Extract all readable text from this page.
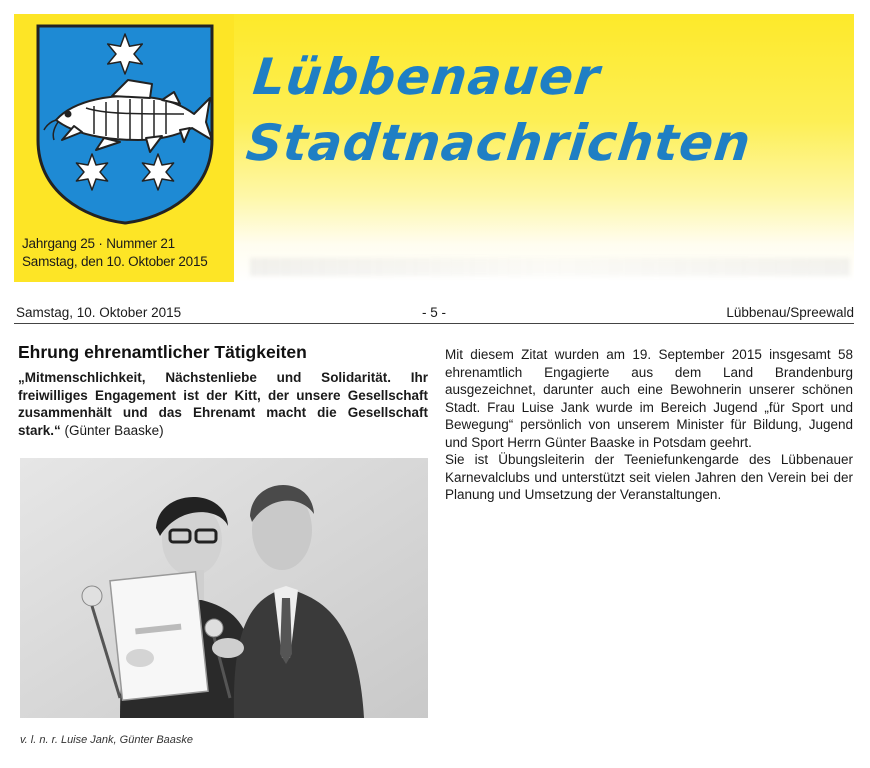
Jahrgang 25 · Nummer 21
Samstag, den 10. Oktober 2015
Lübbenauer
Stadtnachrichten
Samstag, 10. Oktober 2015	- 5 -	Lübbenau/Spreewald
Ehrung ehrenamtlicher Tätigkeiten

„Mitmenschlichkeit, Nächstenliebe und Solidarität. Ihr freiwilliges Engagement ist der Kitt, der unsere Gesellschaft zusammenhält und das Ehrenamt macht die Gesellschaft stark.“ (Günter Baaske)

v. l. n. r. Luise Jank, Günter Baaske

Mit diesem Zitat wurden am 19. September 2015 insgesamt 58 ehrenamtlich Engagierte aus dem Land Brandenburg ausgezeichnet, darunter auch eine Bewohnerin unserer schönen Stadt. Frau Luise Jank wurde im Bereich Jugend „für Sport und Bewegung“ persönlich von unserem Minister für Bildung, Jugend und Sport Herrn Günter Baaske in Potsdam geehrt.

Sie ist Übungsleiterin der Teeniefunkengarde des Lübbenauer Karnevalclubs und unterstützt seit vielen Jahren den Verein bei der Planung und Umsetzung der Veranstaltungen.
